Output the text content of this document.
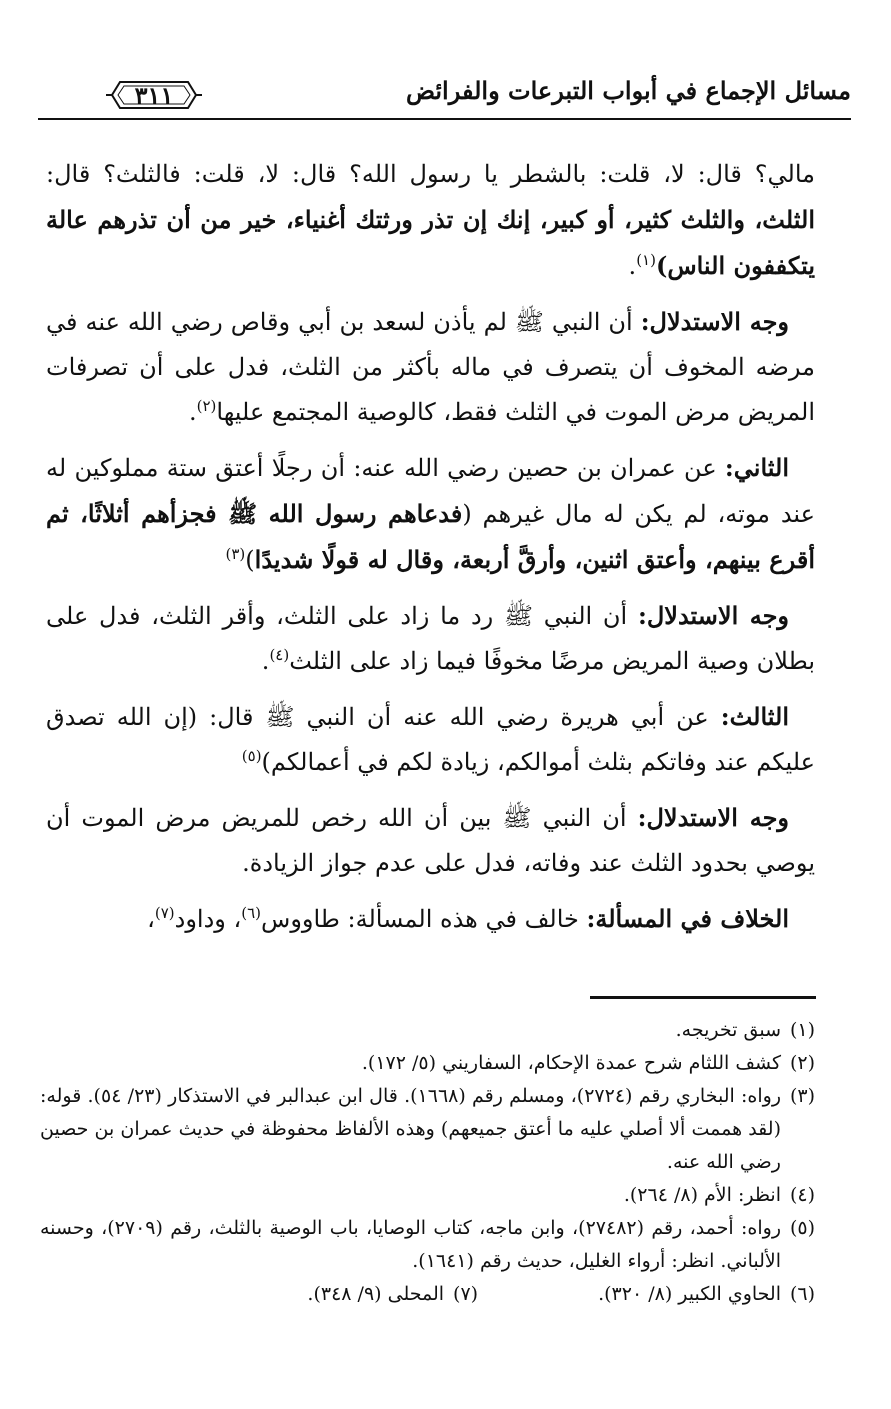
مسائل الإجماع في أبواب التبرعات والفرائض
٣١١

مالي؟ قال: لا، قلت: بالشطر يا رسول الله؟ قال: لا، قلت: فالثلث؟ قال: الثلث، والثلث كثير، أو كبير، إنك إن تذر ورثتك أغنياء، خير من أن تذرهم عالة يتكففون الناس)$^{(١)}$.

وجه الاستدلال: أن النبي ﷺ لم يأذن لسعد بن أبي وقاص رضي الله عنه في مرضه المخوف أن يتصرف في ماله بأكثر من الثلث، فدل على أن تصرفات المريض مرض الموت في الثلث فقط، كالوصية المجتمع عليها$^{(٢)}$.

الثاني: عن عمران بن حصين رضي الله عنه: أن رجلًا أعتق ستة مملوكين له عند موته، لم يكن له مال غيرهم (فدعاهم رسول الله ﷺ فجزأهم أثلاثًا، ثم أقرع بينهم، وأعتق اثنين، وأرقَّ أربعة، وقال له قولًا شديدًا)$^{(٣)}$

وجه الاستدلال: أن النبي ﷺ رد ما زاد على الثلث، وأقر الثلث، فدل على بطلان وصية المريض مرضًا مخوفًا فيما زاد على الثلث$^{(٤)}$.

الثالث: عن أبي هريرة رضي الله عنه أن النبي ﷺ قال: (إن الله تصدق عليكم عند وفاتكم بثلث أموالكم، زيادة لكم في أعمالكم)$^{(٥)}$

وجه الاستدلال: أن النبي ﷺ بين أن الله رخص للمريض مرض الموت أن يوصي بحدود الثلث عند وفاته، فدل على عدم جواز الزيادة.

الخلاف في المسألة: خالف في هذه المسألة: طاووس$^{(٦)}$، وداود$^{(٧)}$،

(١)
سبق تخريجه.
(٢)
كشف اللثام شرح عمدة الإحكام، السفاريني (٥/ ١٧٢).
(٣)
رواه: البخاري رقم (٢٧٢٤)، ومسلم رقم (١٦٦٨). قال ابن عبدالبر في الاستذكار (٢٣/ ٥٤). قوله: (لقد هممت ألا أصلي عليه ما أعتق جميعهم) وهذه الألفاظ محفوظة في حديث عمران بن حصين رضي الله عنه.
(٤)
انظر: الأم (٨/ ٢٦٤).
(٥)
رواه: أحمد، رقم (٢٧٤٨٢)، وابن ماجه، كتاب الوصايا، باب الوصية بالثلث، رقم (٢٧٠٩)، وحسنه الألباني. انظر: أرواء الغليل، حديث رقم (١٦٤١).
(٦)
الحاوي الكبير (٨/ ٣٢٠).
(٧)
المحلى (٩/ ٣٤٨).
